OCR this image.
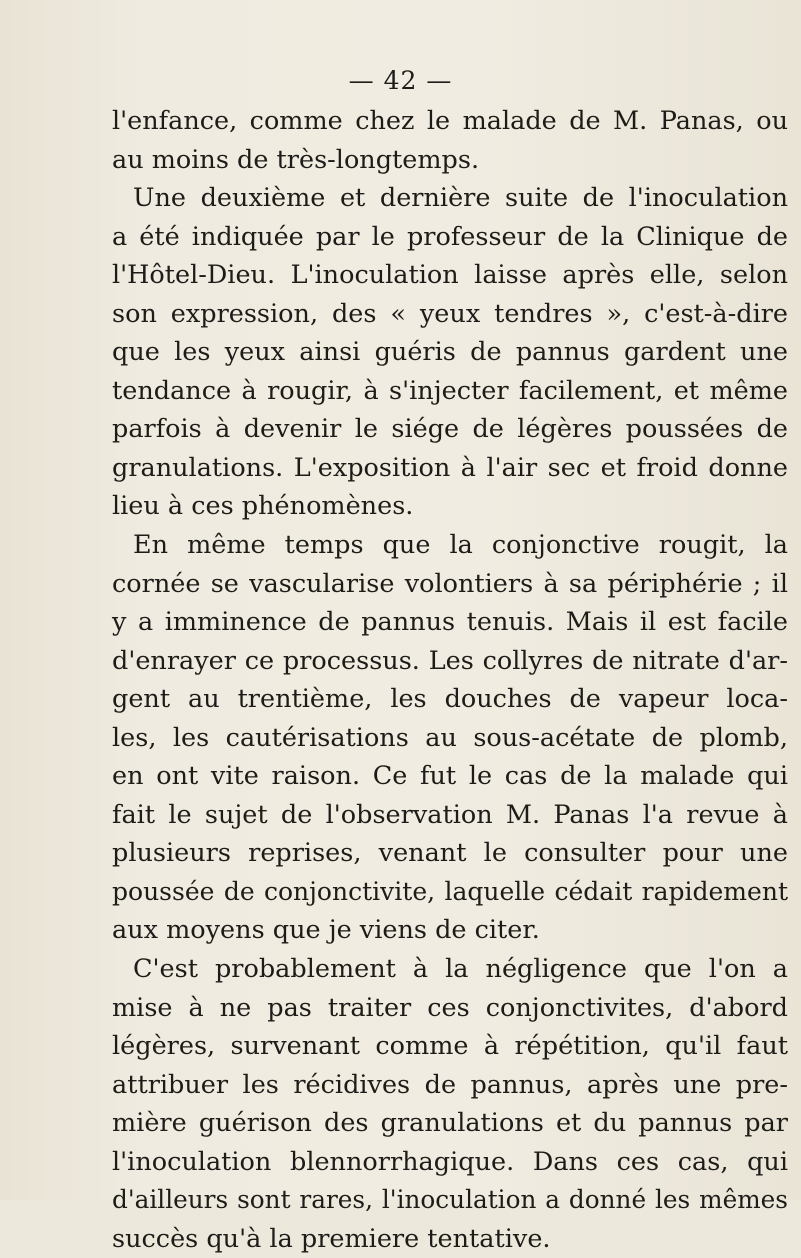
— 42 —
l'enfance, comme chez le malade de M. Panas, ou
au moins de très-longtemps.
Une deuxième et dernière suite de l'inoculation
a été indiquée par le professeur de la Clinique de
l'Hôtel-Dieu. L'inoculation laisse après elle, selon
son expression, des « yeux tendres », c'est-à-dire
que les yeux ainsi guéris de pannus gardent une
tendance à rougir, à s'injecter facilement, et même
parfois à devenir le siége de légères poussées de
granulations. L'exposition à l'air sec et froid donne
lieu à ces phénomènes.
En même temps que la conjonctive rougit, la
cornée se vascularise volontiers à sa périphérie ; il
y a imminence de pannus tenuis. Mais il est facile
d'enrayer ce processus. Les collyres de nitrate d'ar-
gent au trentième, les douches de vapeur loca-
les, les cautérisations au sous-acétate de plomb,
en ont vite raison. Ce fut le cas de la malade qui
fait le sujet de l'observation M. Panas l'a revue à
plusieurs reprises, venant le consulter pour une
poussée de conjonctivite, laquelle cédait rapidement
aux moyens que je viens de citer.
C'est probablement à la négligence que l'on a
mise à ne pas traiter ces conjonctivites, d'abord
légères, survenant comme à répétition, qu'il faut
attribuer les récidives de pannus, après une pre-
mière guérison des granulations et du pannus par
l'inoculation blennorrhagique. Dans ces cas, qui
d'ailleurs sont rares, l'inoculation a donné les mêmes
succès qu'à la premiere tentative.
